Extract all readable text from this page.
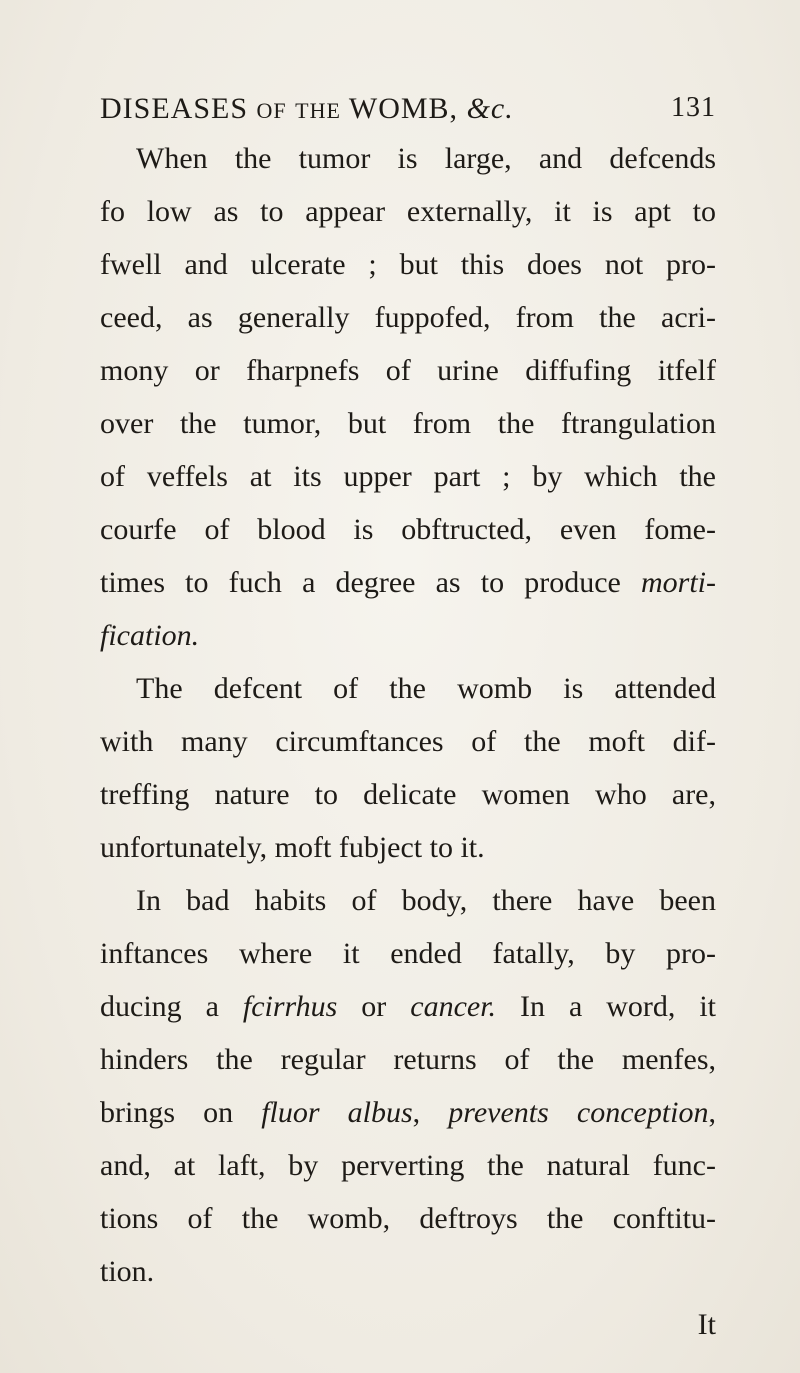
DISEASES OF THE WOMB, &c.	131
When the tumor is large, and defcends
fo low as to appear externally, it is apt to
fwell and ulcerate ; but this does not pro-
ceed, as generally fuppofed, from the acri-
mony or fharpnefs of urine diffufing itfelf
over the tumor, but from the ftrangulation
of veffels at its upper part ; by which the
courfe of blood is obftructed, even fome-
times to fuch a degree as to produce morti-
fication.
The defcent of the womb is attended
with many circumftances of the moft dif-
treffing nature to delicate women who are,
unfortunately, moft fubject to it.
In bad habits of body, there have been
inftances where it ended fatally, by pro-
ducing a fcirrhus or cancer. In a word, it
hinders the regular returns of the menfes,
brings on fluor albus, prevents conception,
and, at laft, by perverting the natural func-
tions of the womb, deftroys the conftitu-
tion.
It
